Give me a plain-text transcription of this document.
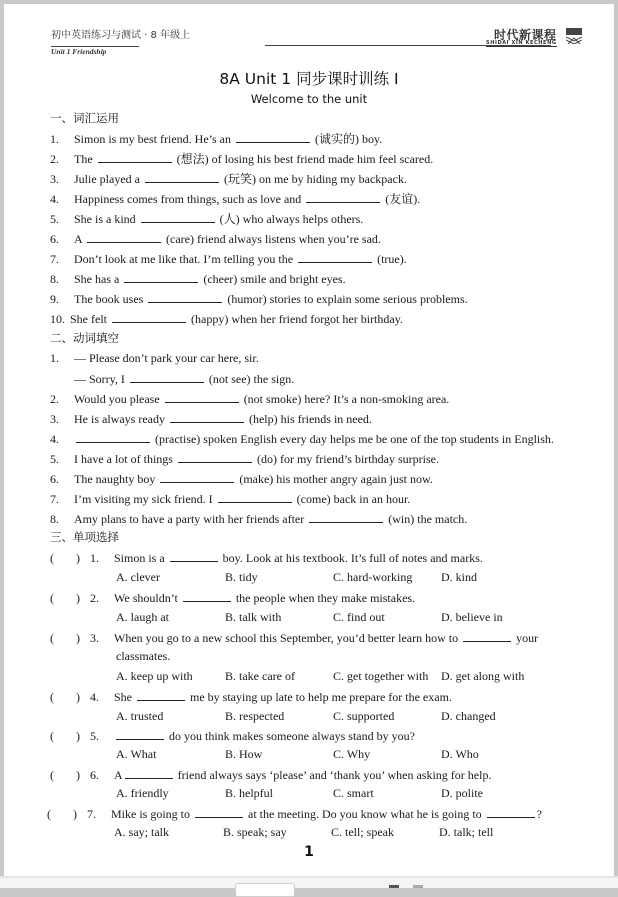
初中英语练习与测试 · 8 年级上
Unit 1 Friendship
时代新课程
SHIDAI XIN KECHENG
8A Unit 1 同步课时训练 I
Welcome to the unit
一、词汇运用
1. Simon is my best friend. He’s an	(诚实的) boy.
2. The	(想法) of losing his best friend made him feel scared.
3. Julie played a	(玩笑) on me by hiding my backpack.
4. Happiness comes from things, such as love and	(友谊).
5. She is a kind	(人) who always helps others.
6. A	(care) friend always listens when you’re sad.
7. Don’t look at me like that. I’m telling you the	(true).
8. She has a	(cheer) smile and bright eyes.
9. The book uses	(humor) stories to explain some serious problems.
10. She felt	(happy) when her friend forgot her birthday.
二、动词填空
1. — Please don’t park your car here, sir.
— Sorry, I	(not see) the sign.
2. Would you please	(not smoke) here? It’s a non-smoking area.
3. He is always ready	(help) his friends in need.
4.	(practise) spoken English every day helps me be one of the top students in English.
5. I have a lot of things	(do) for my friend’s birthday surprise.
6. The naughty boy	(make) his mother angry again just now.
7. I’m visiting my sick friend. I	(come) back in an hour.
8. Amy plans to have a party with her friends after	(win) the match.
三、单项选择
( ) 1. Simon is a	boy. Look at his textbook. It’s full of notes and marks.
A. clever	B. tidy	C. hard-working D. kind
( ) 2. We shouldn’t	the people when they make mistakes.
A. laugh at	B. talk with	C. find out	D. believe in
( ) 3. When you go to a new school this September, you’d better learn how to	your
classmates.
A. keep up with	B. take care of	C. get together with D. get along with
( ) 4. She	me by staying up late to help me prepare for the exam.
A. trusted	B. respected	C. supported	D. changed
( ) 5.	do you think makes someone always stand by you?
A. What	B. How	C. Why	D. Who
( ) 6. A	friend always says ‘please’ and ‘thank you’ when asking for help.
A. friendly	B. helpful	C. smart	D. polite
( ) 7. Mike is going to	at the meeting. Do you know what he is going to	?
A. say; talk	B. speak; say	C. tell; speak	D. talk; tell
1
